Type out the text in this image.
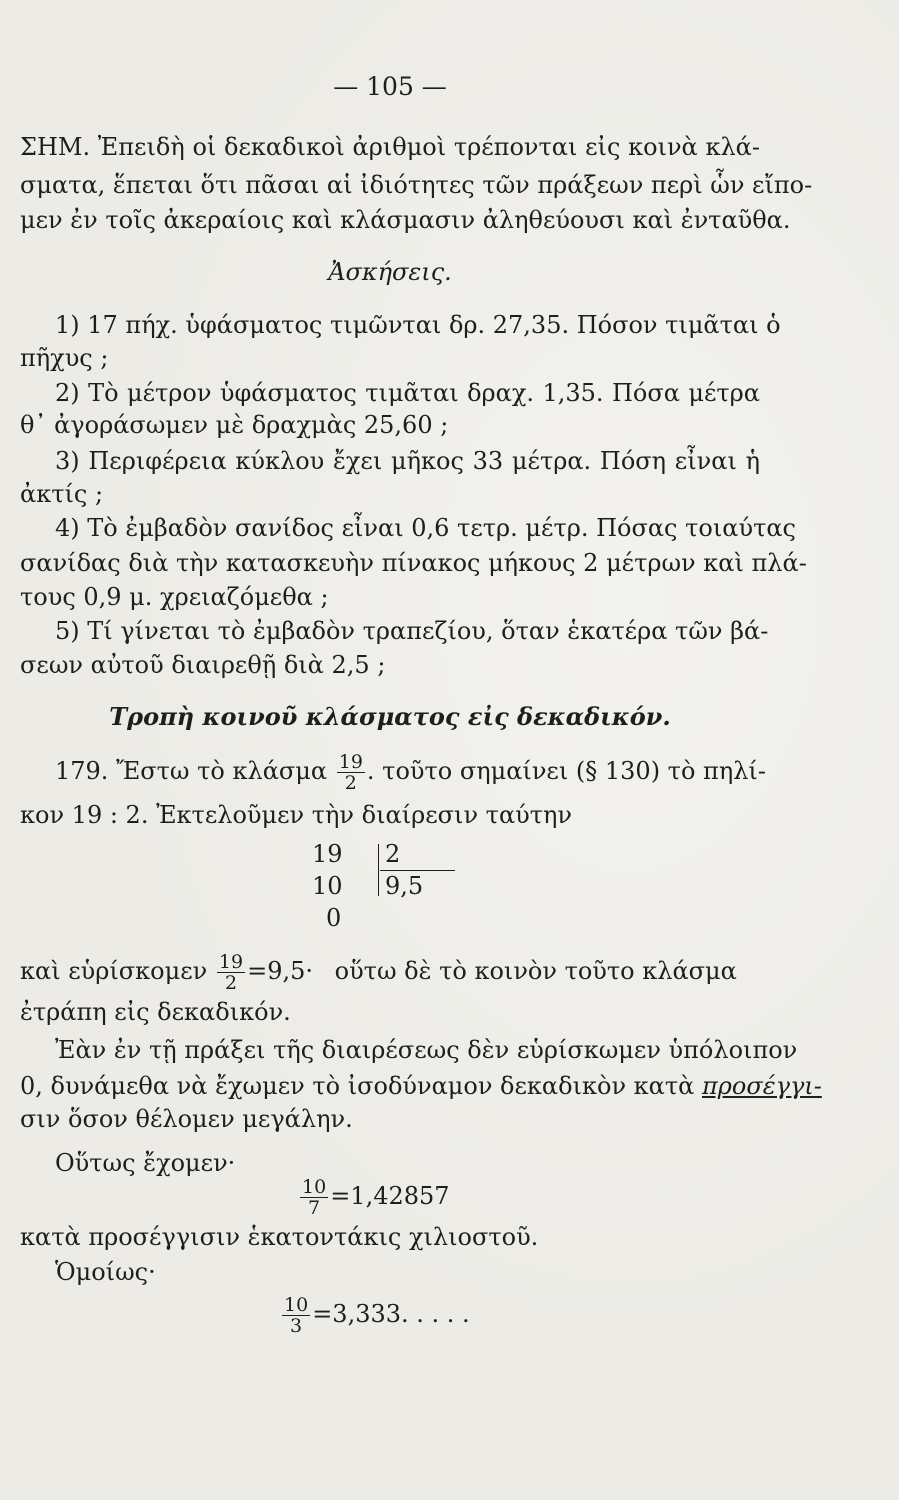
— 105 —
ΣΗΜ. Ἐπειδὴ οἱ δεκαδικοὶ ἀριθμοὶ τρέπονται εἰς κοινὰ κλά-
σματα, ἕπεται ὅτι πᾶσαι αἱ ἰδιότητες τῶν πράξεων περὶ ὧν εἴπο-
μεν ἐν τοῖς ἀκεραίοις καὶ κλάσμασιν ἀληθεύουσι καὶ ἐνταῦθα.
Ἀσκήσεις.
1) 17 πήχ. ὑφάσματος τιμῶνται δρ. 27,35. Πόσον τιμᾶται ὁ
πῆχυς ;
2) Τὸ μέτρον ὑφάσματος τιμᾶται δραχ. 1,35. Πόσα μέτρα
θ᾽ ἀγοράσωμεν μὲ δραχμὰς 25,60 ;
3) Περιφέρεια κύκλου ἔχει μῆκος 33 μέτρα. Πόση εἶναι ἡ
ἀκτίς ;
4) Τὸ ἐμβαδὸν σανίδος εἶναι 0,6 τετρ. μέτρ. Πόσας τοιαύτας
σανίδας διὰ τὴν κατασκευὴν πίνακος μήκους 2 μέτρων καὶ πλά-
τους 0,9 μ. χρειαζόμεθα ;
5) Τί γίνεται τὸ ἐμβαδὸν τραπεζίου, ὅταν ἑκατέρα τῶν βά-
σεων αὐτοῦ διαιρεθῇ διὰ 2,5 ;
Τροπὴ κοινοῦ κλάσματος εἰς δεκαδικόν.
179. Ἔστω τὸ κλάσμα $\frac{19}{2}$ . τοῦτο σημαίνει (§ 130) τὸ πηλί-
κον 19 : 2. Ἐκτελοῦμεν τὴν διαίρεσιν ταύτην
19 2
10 9,5
0
καὶ εὑρίσκομεν $\frac{19}{2} =9,5\cdot$ οὕτω δὲ τὸ κοινὸν τοῦτο κλάσμα
ἐτράπη εἰς δεκαδικόν.
Ἐὰν ἐν τῇ πράξει τῆς διαιρέσεως δὲν εὑρίσκωμεν ὑπόλοιπον
0, δυνάμεθα νὰ ἔχωμεν τὸ ἰσοδύναμον δεκαδικὸν κατὰ προσέγγι-
σιν ὅσον θέλομεν μεγάλην.
Οὕτως ἔχομεν·
$\frac{10}{7} =1,42857$
κατὰ προσέγγισιν ἑκατοντάκις χιλιοστοῦ.
Ὁμοίως·
$\frac{10}{3} =3,333$. . . . .
